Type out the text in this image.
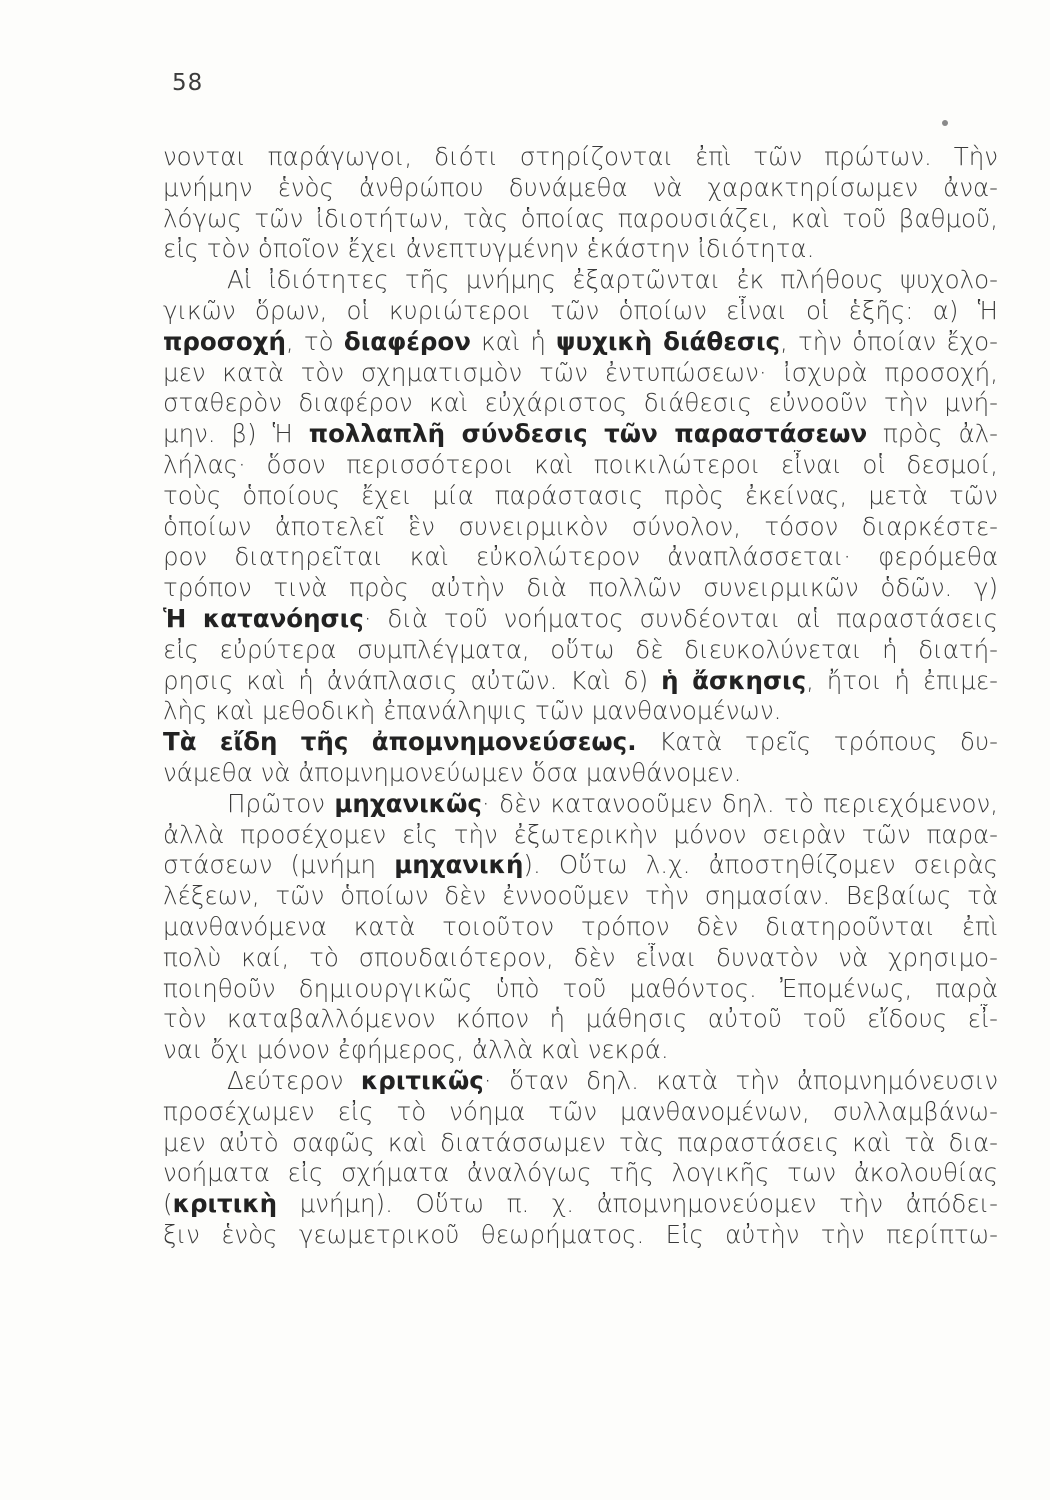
58
νονται παράγωγοι, διότι στηρίζονται ἐπὶ τῶν πρώτων. Τὴν
μνήμην ἑνὸς ἀνθρώπου δυνάμεθα νὰ χαρακτηρίσωμεν ἀνα-
λόγως τῶν ἰδιοτήτων, τὰς ὁποίας παρουσιάζει, καὶ τοῦ βαθμοῦ,
εἰς τὸν ὁποῖον ἔχει ἀνεπτυγμένην ἑκάστην ἰδιότητα.
Αἱ ἰδιότητες τῆς μνήμης ἐξαρτῶνται ἐκ πλήθους ψυχολο-
γικῶν ὅρων, οἱ κυριώτεροι τῶν ὁποίων εἶναι οἱ ἑξῆς: α) Ἡ
προσοχή, τὸ διαφέρον καὶ ἡ ψυχικὴ διάθεσις, τὴν ὁποίαν ἔχο-
μεν κατὰ τὸν σχηματισμὸν τῶν ἐντυπώσεων· ἰσχυρὰ προσοχή,
σταθερὸν διαφέρον καὶ εὐχάριστος διάθεσις εὐνοοῦν τὴν μνή-
μην. β) Ἡ πολλαπλῆ σύνδεσις τῶν παραστάσεων πρὸς ἀλ-
λήλας· ὅσον περισσότεροι καὶ ποικιλώτεροι εἶναι οἱ δεσμοί,
τοὺς ὁποίους ἔχει μία παράστασις πρὸς ἐκείνας, μετὰ τῶν
ὁποίων ἀποτελεῖ ἓν συνειρμικὸν σύνολον, τόσον διαρκέστε-
ρον διατηρεῖται καὶ εὐκολώτερον ἀναπλάσσεται· φερόμεθα
τρόπον τινὰ πρὸς αὐτὴν διὰ πολλῶν συνειρμικῶν ὁδῶν. γ)
Ἡ κατανόησις· διὰ τοῦ νοήματος συνδέονται αἱ παραστάσεις
εἰς εὐρύτερα συμπλέγματα, οὕτω δὲ διευκολύνεται ἡ διατή-
ρησις καὶ ἡ ἀνάπλασις αὐτῶν. Καὶ δ) ἡ ἄσκησις, ἤτοι ἡ ἐπιμε-
λὴς καὶ μεθοδικὴ ἐπανάληψις τῶν μανθανομένων.
Τὰ εἴδη τῆς ἀπομνημονεύσεως. Κατὰ τρεῖς τρόπους δυ-
νάμεθα νὰ ἀπομνημονεύωμεν ὅσα μανθάνομεν.
Πρῶτον μηχανικῶς· δὲν κατανοοῦμεν δηλ. τὸ περιεχόμενον,
ἀλλὰ προσέχομεν εἰς τὴν ἐξωτερικὴν μόνον σειρὰν τῶν παρα-
στάσεων (μνήμη μηχανική). Οὕτω λ.χ. ἀποστηθίζομεν σειρὰς
λέξεων, τῶν ὁποίων δὲν ἐννοοῦμεν τὴν σημασίαν. Βεβαίως τὰ
μανθανόμενα κατὰ τοιοῦτον τρόπον δὲν διατηροῦνται ἐπὶ
πολὺ καί, τὸ σπουδαιότερον, δὲν εἶναι δυνατὸν νὰ χρησιμο-
ποιηθοῦν δημιουργικῶς ὑπὸ τοῦ μαθόντος. Ἐπομένως, παρὰ
τὸν καταβαλλόμενον κόπον ἡ μάθησις αὐτοῦ τοῦ εἴδους εἶ-
ναι ὄχι μόνον ἐφήμερος, ἀλλὰ καὶ νεκρά.
Δεύτερον κριτικῶς· ὅταν δηλ. κατὰ τὴν ἀπομνημόνευσιν
προσέχωμεν εἰς τὸ νόημα τῶν μανθανομένων, συλλαμβάνω-
μεν αὐτὸ σαφῶς καὶ διατάσσωμεν τὰς παραστάσεις καὶ τὰ δια-
νοήματα εἰς σχήματα ἀναλόγως τῆς λογικῆς των ἀκολουθίας
(κριτικὴ μνήμη). Οὕτω π. χ. ἀπομνημονεύομεν τὴν ἀπόδει-
ξιν ἑνὸς γεωμετρικοῦ θεωρήματος. Εἰς αὐτὴν τὴν περίπτω-
